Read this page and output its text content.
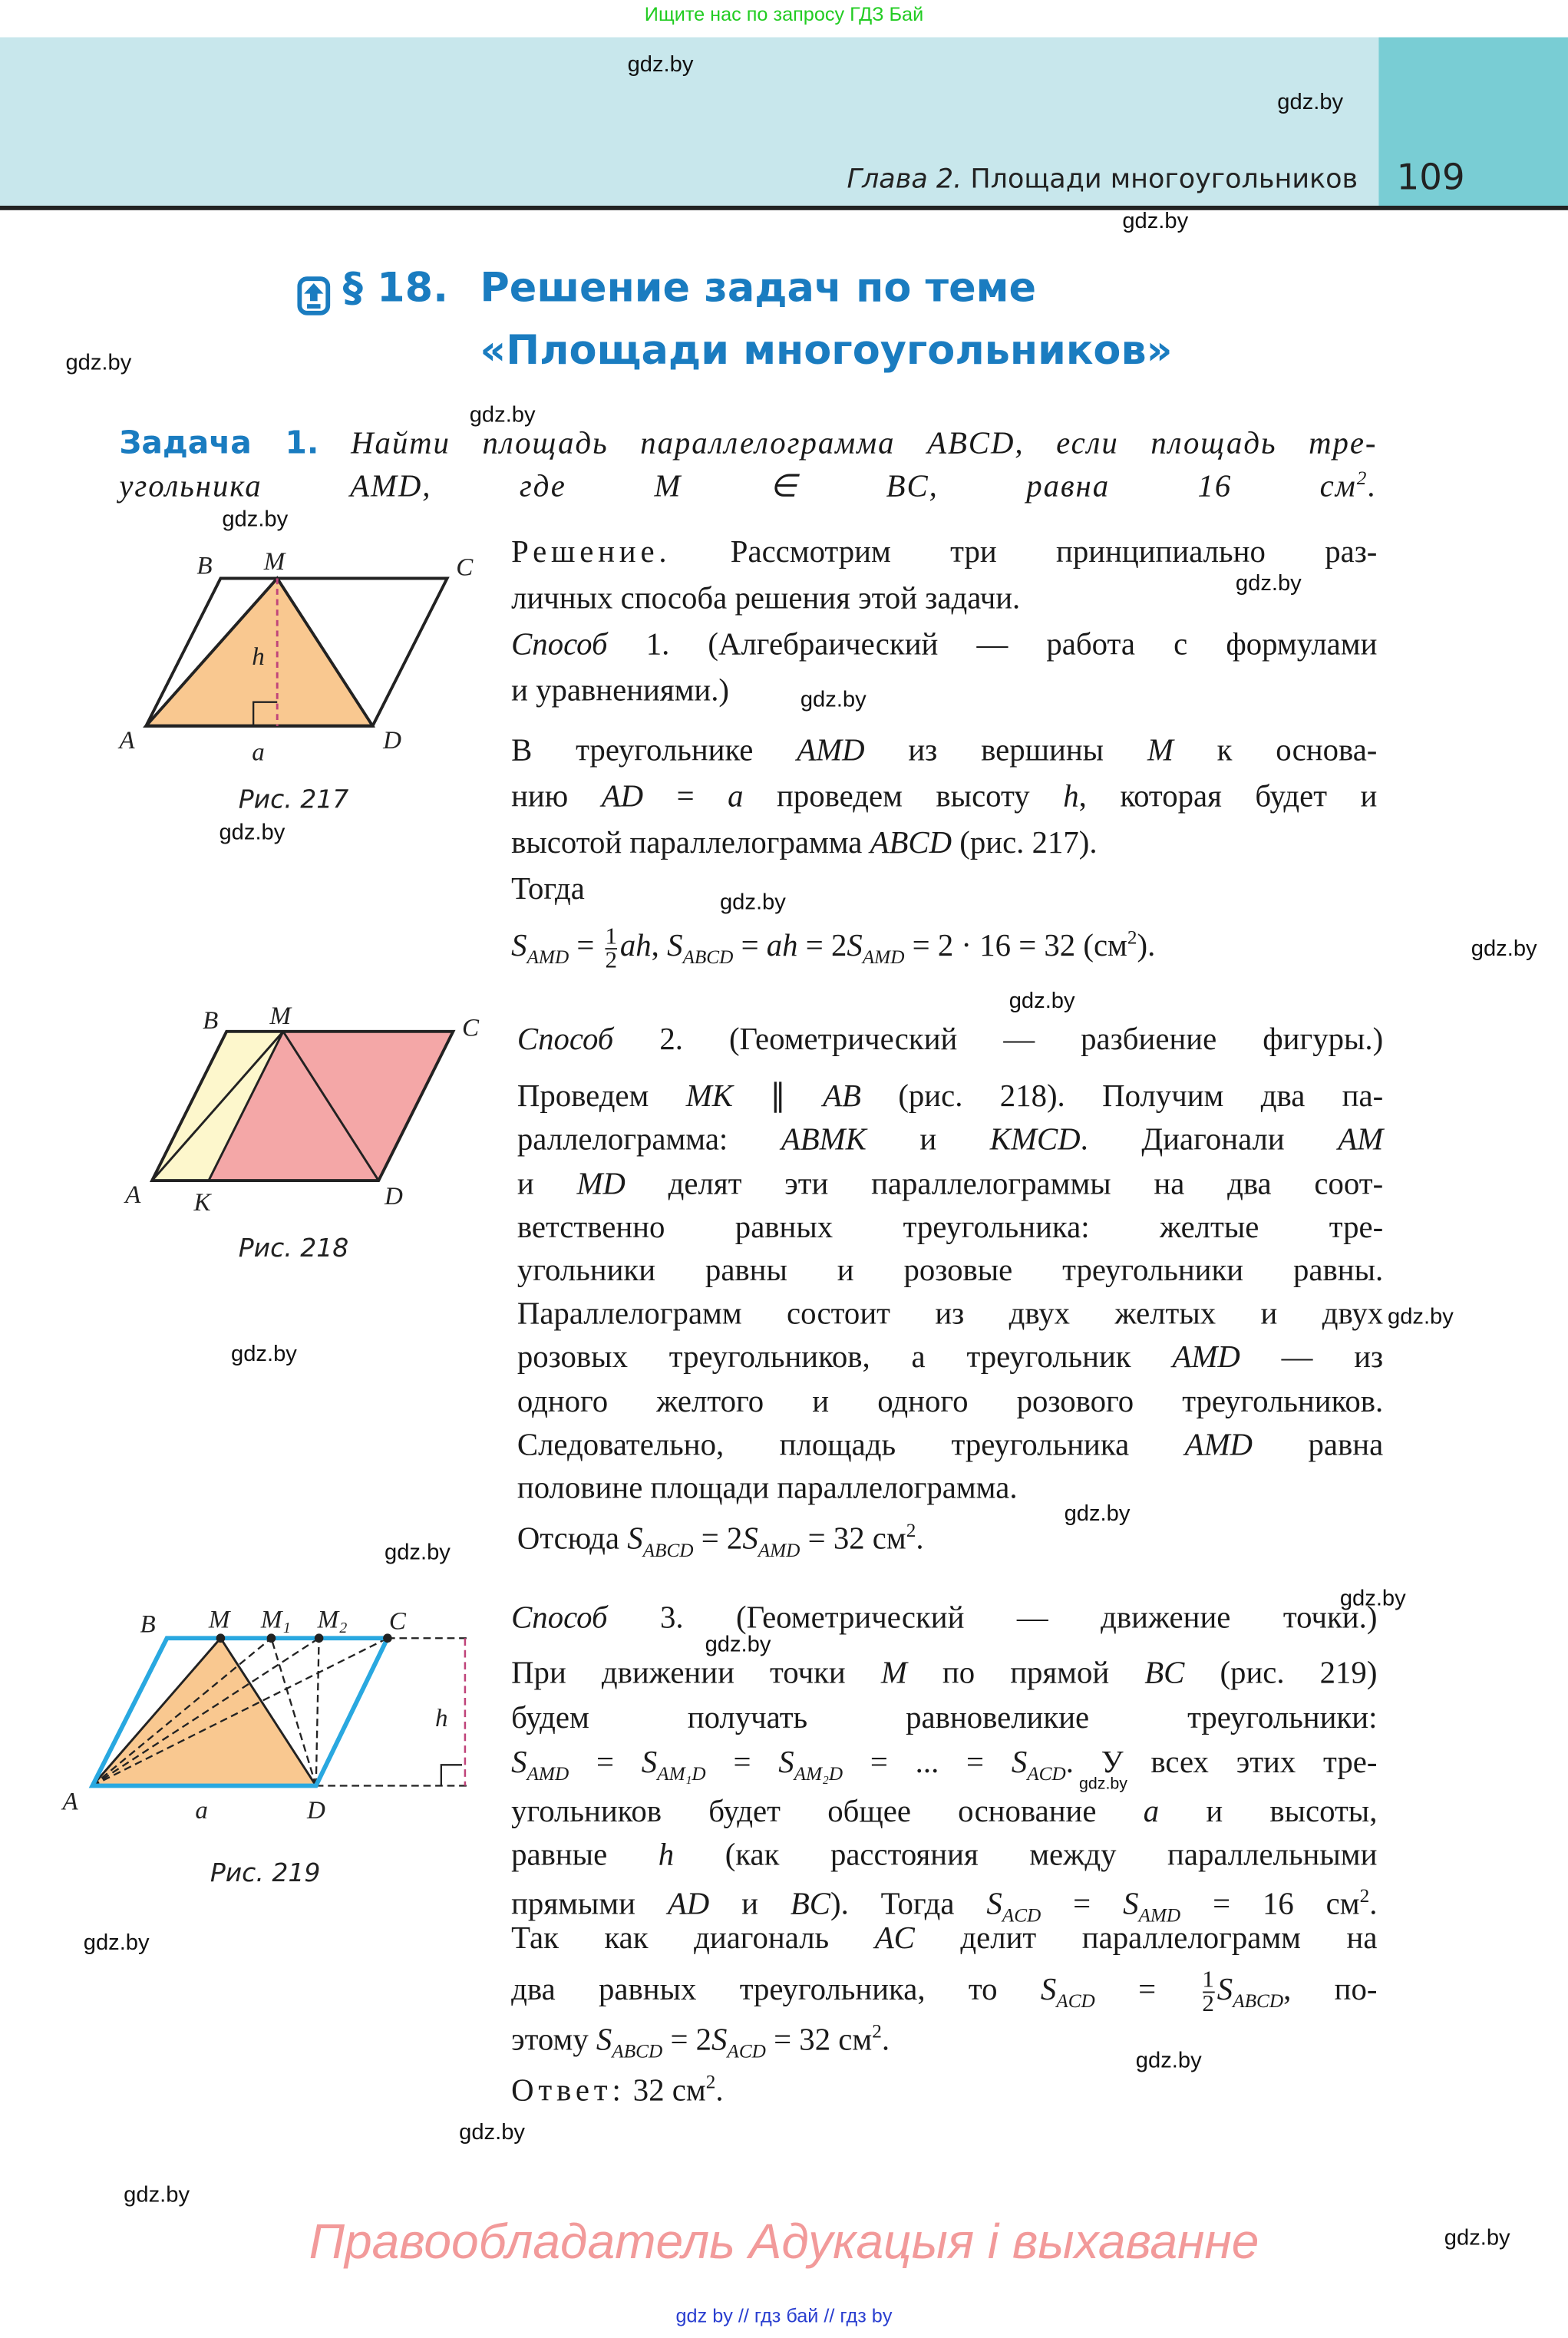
Ищите нас по запросу ГДЗ Бай
Глава 2. Площади многоугольников 109
§ 18. Решение задач по теме
«Площади многоугольников»
Задача 1. Найти площадь параллелограмма ABCD, если площадь тре-
угольника AMD, где M ∈ BC, равна 16 $см^2$.
Решение. Рассмотрим три принципиально раз-
личных способа решения этой задачи.
Способ 1. (Алгебраический — работа с формулами
и уравнениями.)
В треугольнике AMD из вершины M к основа-
нию AD = a проведем высоту h, которая будет и
высотой параллелограмма ABCD (рис. 217).
Тогда
$S_{AMD} = \frac{1}{2}$ ah, $S_{ABCD}$ = ah = $2S_{AMD} = 2 \cdot 16 = 32$ $(см^2)$.
Способ 2. (Геометрический — разбиение фигуры.)
Проведем MK ∥ AB (рис. 218). Получим два па-
раллелограмма: ABMK и KMCD. Диагонали AM
и MD делят эти параллелограммы на два соот-
ветственно равных треугольника: желтые тре-
угольники равны и розовые треугольники равны.
Параллелограмм состоит из двух желтых и двух
розовых треугольников, а треугольник AMD — из
одного желтого и одного розового треугольников.
Следовательно, площадь треугольника AMD равна
половине площади параллелограмма.
Отсюда $S_{ABCD} = 2S_{AMD} = 32$ $см^2$.
Способ 3. (Геометрический — движение точки.)
При движении точки M по прямой BC (рис. 219)
будем получать равновеликие треугольники:
$S_{AMD} = S_{AM_1D} = S_{AM_2D}$ = ... = $S_{ACD}$. У всех этих тре-
угольников будет общее основание a и высоты,
равные h (как расстояния между параллельными
прямыми AD и BC). Тогда $S_{ACD} = S_{AMD} = 16$ $см^2$.
Так как диагональ AC делит параллелограмм на
два равных треугольника, то $S_{ACD} = \frac{1}{2} S_{ABCD}$, по-
этому $S_{ABCD} = 2S_{ACD} = 32$ $см^2$.
Ответ: 32 $см^2$.
A
B	M	C
D
h
a
Рис. 217
A
B	M	C
K	D
Рис. 218
A
B	M M₁ M₂	C
h
a	D
Рис. 219
gdz.by
gdz.by
gdz.by
gdz.by
gdz.by
gdz.by
gdz.by
gdz.by
gdz.by
gdz.by
gdz.by
gdz.by
gdz.by
gdz.by
gdz.by
gdz.by
gdz.by
gdz.by
gdz.by
gdz.by
gdz.by
gdz.by
gdz.by
gdz.by
Правообладатель Адукацыя і выхаванне
gdz by // гдз бай // гдз by
